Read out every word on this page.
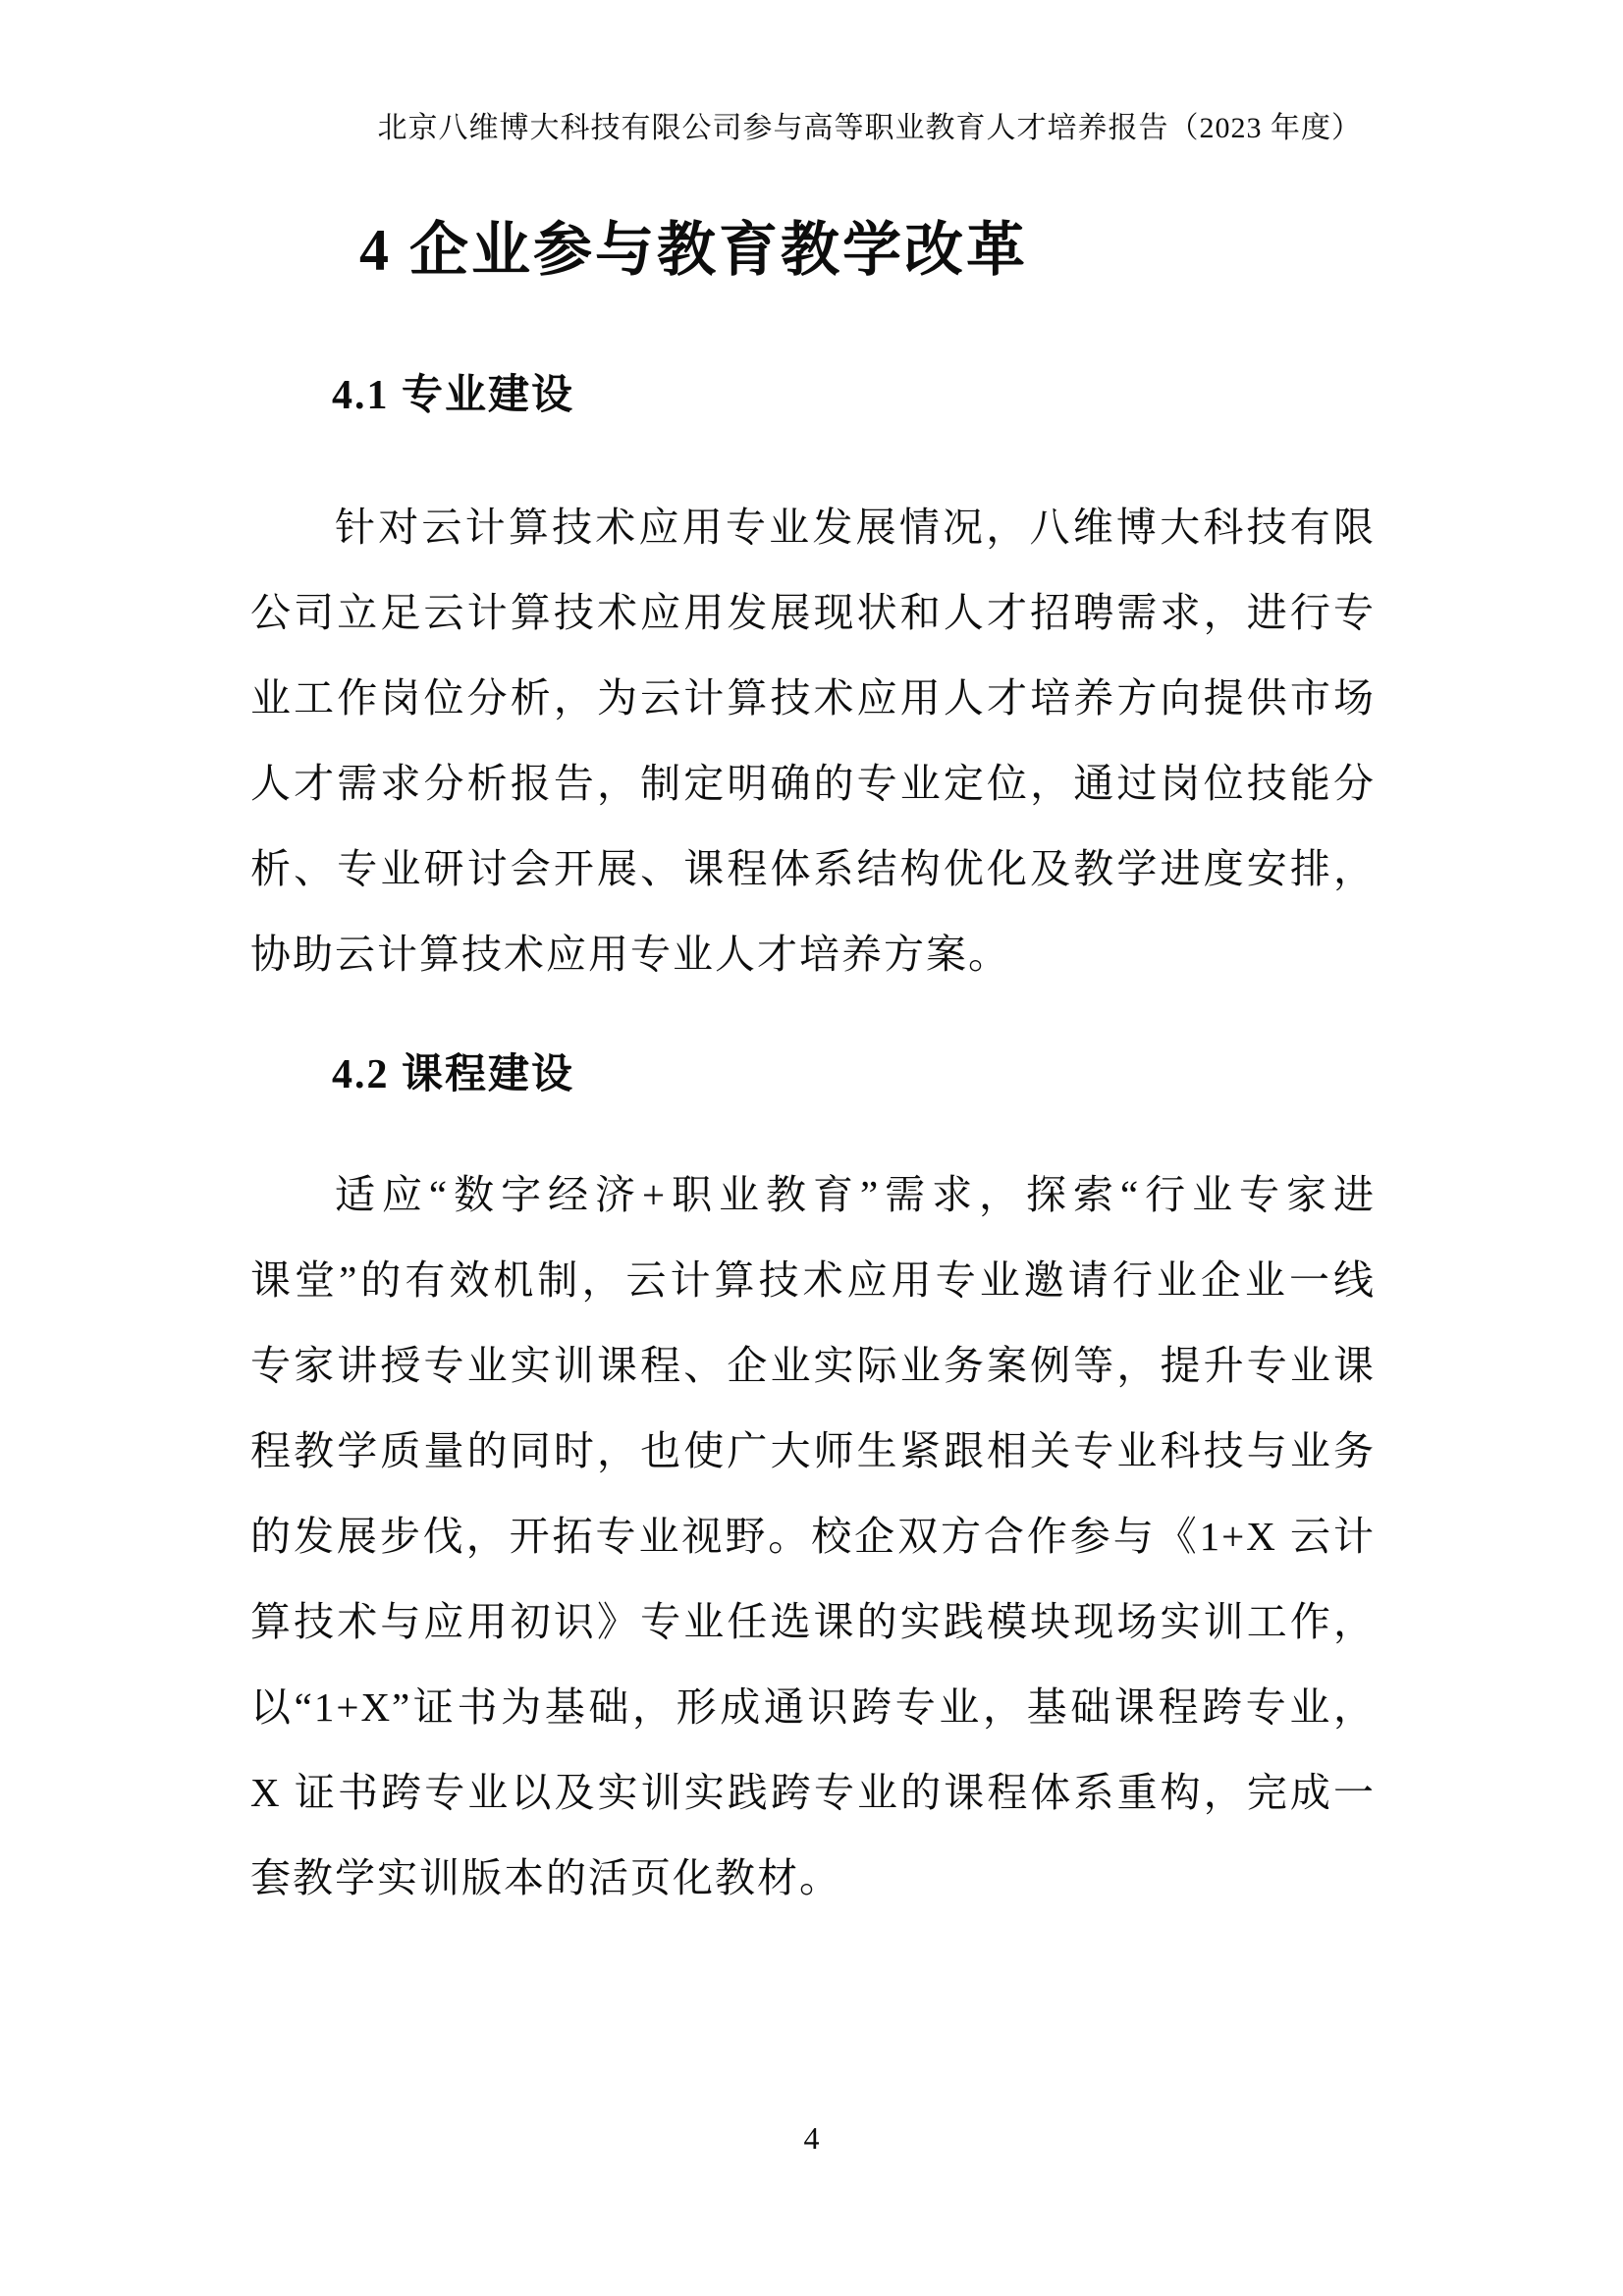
北京八维博大科技有限公司参与高等职业教育人才培养报告（2023 年度）
4 企业参与教育教学改革
4.1 专业建设
针对云计算技术应用专业发展情况，八维博大科技有限
公司立足云计算技术应用发展现状和人才招聘需求，进行专
业工作岗位分析，为云计算技术应用人才培养方向提供市场
人才需求分析报告，制定明确的专业定位，通过岗位技能分
析、专业研讨会开展、课程体系结构优化及教学进度安排，
协助云计算技术应用专业人才培养方案。
4.2 课程建设
适应“数字经济+职业教育”需求，探索“行业专家进
课堂”的有效机制，云计算技术应用专业邀请行业企业一线
专家讲授专业实训课程、企业实际业务案例等，提升专业课
程教学质量的同时，也使广大师生紧跟相关专业科技与业务
的发展步伐，开拓专业视野。校企双方合作参与《1+X 云计
算技术与应用初识》专业任选课的实践模块现场实训工作，
以“1+X”证书为基础，形成通识跨专业，基础课程跨专业，
X 证书跨专业以及实训实践跨专业的课程体系重构，完成一
套教学实训版本的活页化教材。
4
